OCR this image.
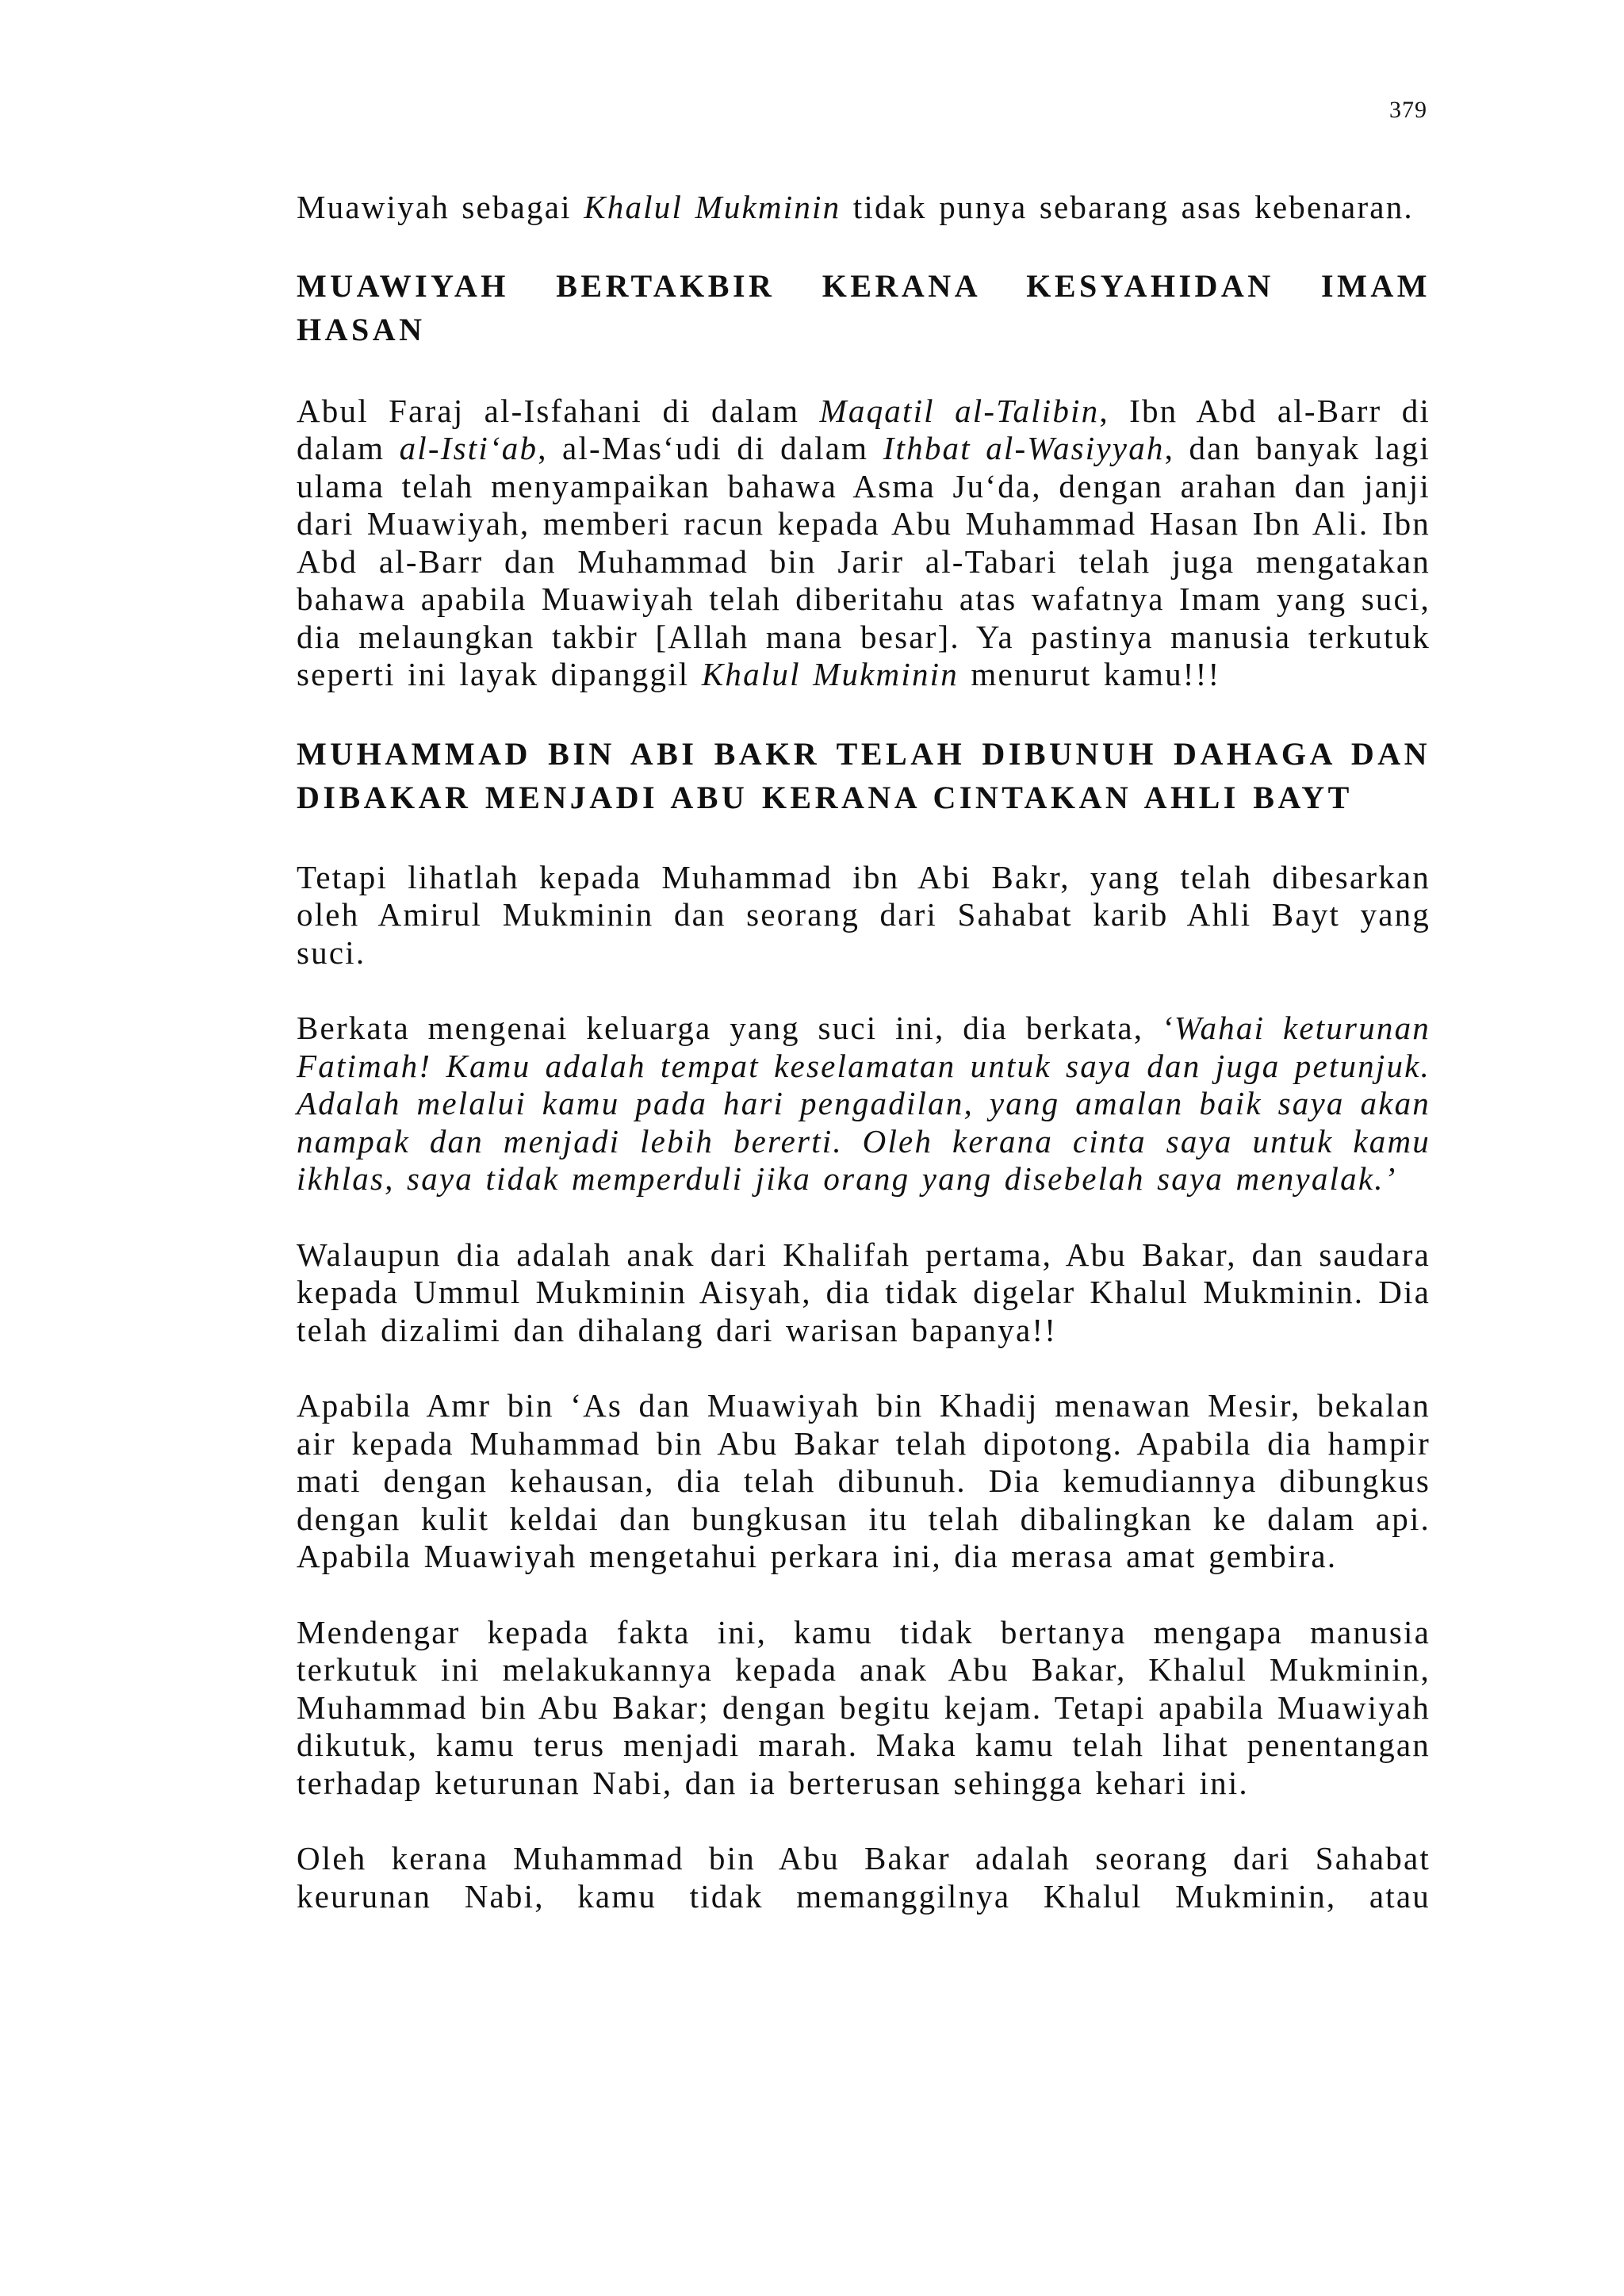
379

Muawiyah sebagai Khalul Mukminin tidak punya sebarang asas kebenaran.

MUAWIYAH BERTAKBIR KERANA KESYAHIDAN IMAM HASAN

Abul Faraj al-Isfahani di dalam Maqatil al-Talibin, Ibn Abd al-Barr di dalam al-Isti‘ab, al-Mas‘udi di dalam Ithbat al-Wasiyyah, dan banyak lagi ulama telah menyampaikan bahawa Asma Ju‘da, dengan arahan dan janji dari Muawiyah, memberi racun kepada Abu Muhammad Hasan Ibn Ali. Ibn Abd al-Barr dan Muhammad bin Jarir al-Tabari telah juga mengatakan bahawa apabila Muawiyah telah diberitahu atas wafatnya Imam yang suci, dia melaungkan takbir [Allah mana besar]. Ya pastinya manusia terkutuk seperti ini layak dipanggil Khalul Mukminin menurut kamu!!!

MUHAMMAD BIN ABI BAKR TELAH DIBUNUH DAHAGA DAN DIBAKAR MENJADI ABU KERANA CINTAKAN AHLI BAYT

Tetapi lihatlah kepada Muhammad ibn Abi Bakr, yang telah dibesarkan oleh Amirul Mukminin dan seorang dari Sahabat karib Ahli Bayt yang suci.

Berkata mengenai keluarga yang suci ini, dia berkata, ‘Wahai keturunan Fatimah! Kamu adalah tempat keselamatan untuk saya dan juga petunjuk. Adalah melalui kamu pada hari pengadilan, yang amalan baik saya akan nampak dan menjadi lebih bererti. Oleh kerana cinta saya untuk kamu ikhlas, saya tidak memperduli jika orang yang disebelah saya menyalak.’

Walaupun dia adalah anak dari Khalifah pertama, Abu Bakar, dan saudara kepada Ummul Mukminin Aisyah, dia tidak digelar Khalul Mukminin. Dia telah dizalimi dan dihalang dari warisan bapanya!!

Apabila Amr bin ‘As dan Muawiyah bin Khadij menawan Mesir, bekalan air kepada Muhammad bin Abu Bakar telah dipotong. Apabila dia hampir mati dengan kehausan, dia telah dibunuh. Dia kemudiannya dibungkus dengan kulit keldai dan bungkusan itu telah dibalingkan ke dalam api. Apabila Muawiyah mengetahui perkara ini, dia merasa amat gembira.

Mendengar kepada fakta ini, kamu tidak bertanya mengapa manusia terkutuk ini melakukannya kepada anak Abu Bakar, Khalul Mukminin, Muhammad bin Abu Bakar; dengan begitu kejam. Tetapi apabila Muawiyah dikutuk, kamu terus menjadi marah. Maka kamu telah lihat penentangan terhadap keturunan Nabi, dan ia berterusan sehingga kehari ini.

Oleh kerana Muhammad bin Abu Bakar adalah seorang dari Sahabat keurunan Nabi, kamu tidak memanggilnya Khalul Mukminin, atau
